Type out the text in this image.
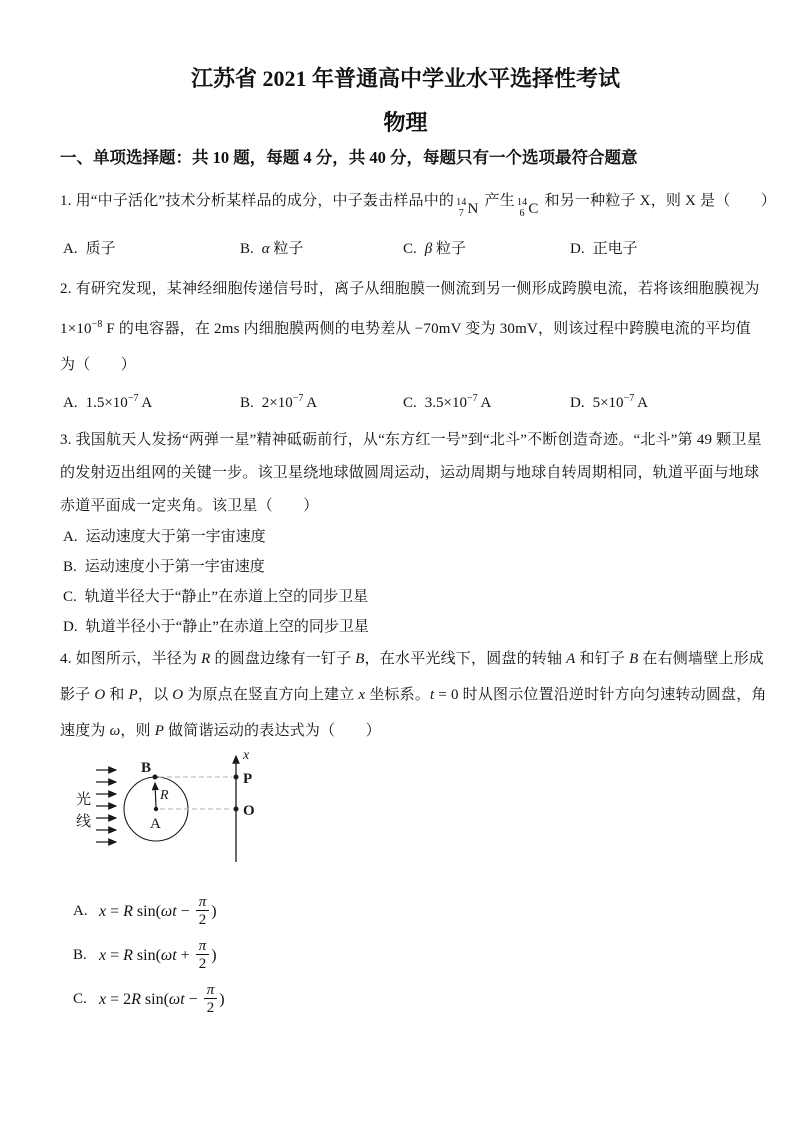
江苏省 2021 年普通高中学业水平选择性考试
物理
一、单项选择题：共 10 题，每题 4 分，共 40 分，每题只有一个选项最符合题意
1. 用“中子活化”技术分析某样品的成分，中子轰击样品中的 14
7 N 产生 14
6 C 和另一种粒子 X，则 X 是（　　）
A. 质子	B. α 粒子	C. β 粒子	D. 正电子
2. 有研究发现，某神经细胞传递信号时，离子从细胞膜一侧流到另一侧形成跨膜电流，若将该细胞膜视为
$1\times 10^{-8}$ F 的电容器，在 2ms 内细胞膜两侧的电势差从 −70mV 变为 30mV，则该过程中跨膜电流的平均值
为（　　）
A. $1.5\times 10^{-7}$ A	B. $2\times 10^{-7}$ A	C. $3.5\times 10^{-7}$ A	D. $5\times 10^{-7}$ A
3. 我国航天人发扬“两弹一星”精神砥砺前行，从“东方红一号”到“北斗”不断创造奇迹。“北斗”第 49 颗卫星
的发射迈出组网的关键一步。该卫星绕地球做圆周运动，运动周期与地球自转周期相同，轨道平面与地球
赤道平面成一定夹角。该卫星（　　）
A. 运动速度大于第一宇宙速度
B. 运动速度小于第一宇宙速度
C. 轨道半径大于“静止”在赤道上空的同步卫星
D. 轨道半径小于“静止”在赤道上空的同步卫星
4. 如图所示，半径为 R 的圆盘边缘有一钉子 B，在水平光线下，圆盘的转轴 A 和钉子 B 在右侧墙壁上形成
影子 O 和 P，以 O 为原点在竖直方向上建立 x 坐标系。t = 0 时从图示位置沿逆时针方向匀速转动圆盘，角
速度为 ω，则 P 做简谐运动的表达式为（　　）
光
线
R
B
A
x
P
O
A. x = R $\sin(\omega t - \frac{\pi}{2}$ )
B. x = R $\sin(\omega t + \frac{\pi}{2}$ )
C. x = 2R $\sin(\omega t - \frac{\pi}{2}$ )
